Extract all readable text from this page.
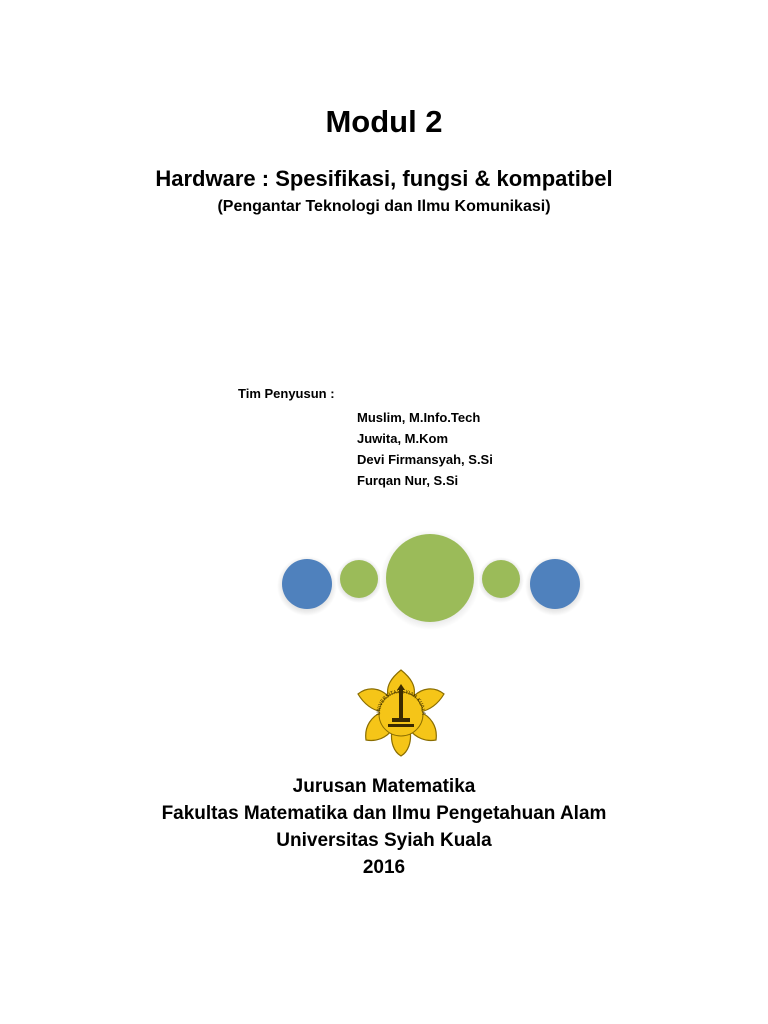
Modul 2
Hardware : Spesifikasi, fungsi & kompatibel
(Pengantar Teknologi dan Ilmu Komunikasi)
Tim Penyusun :
Muslim, M.Info.Tech
Juwita, M.Kom
Devi Firmansyah, S.Si
Furqan Nur, S.Si
UNIVERSITAS SYIAH KUALA
Jurusan Matematika
Fakultas Matematika dan Ilmu Pengetahuan Alam
Universitas Syiah Kuala
2016
